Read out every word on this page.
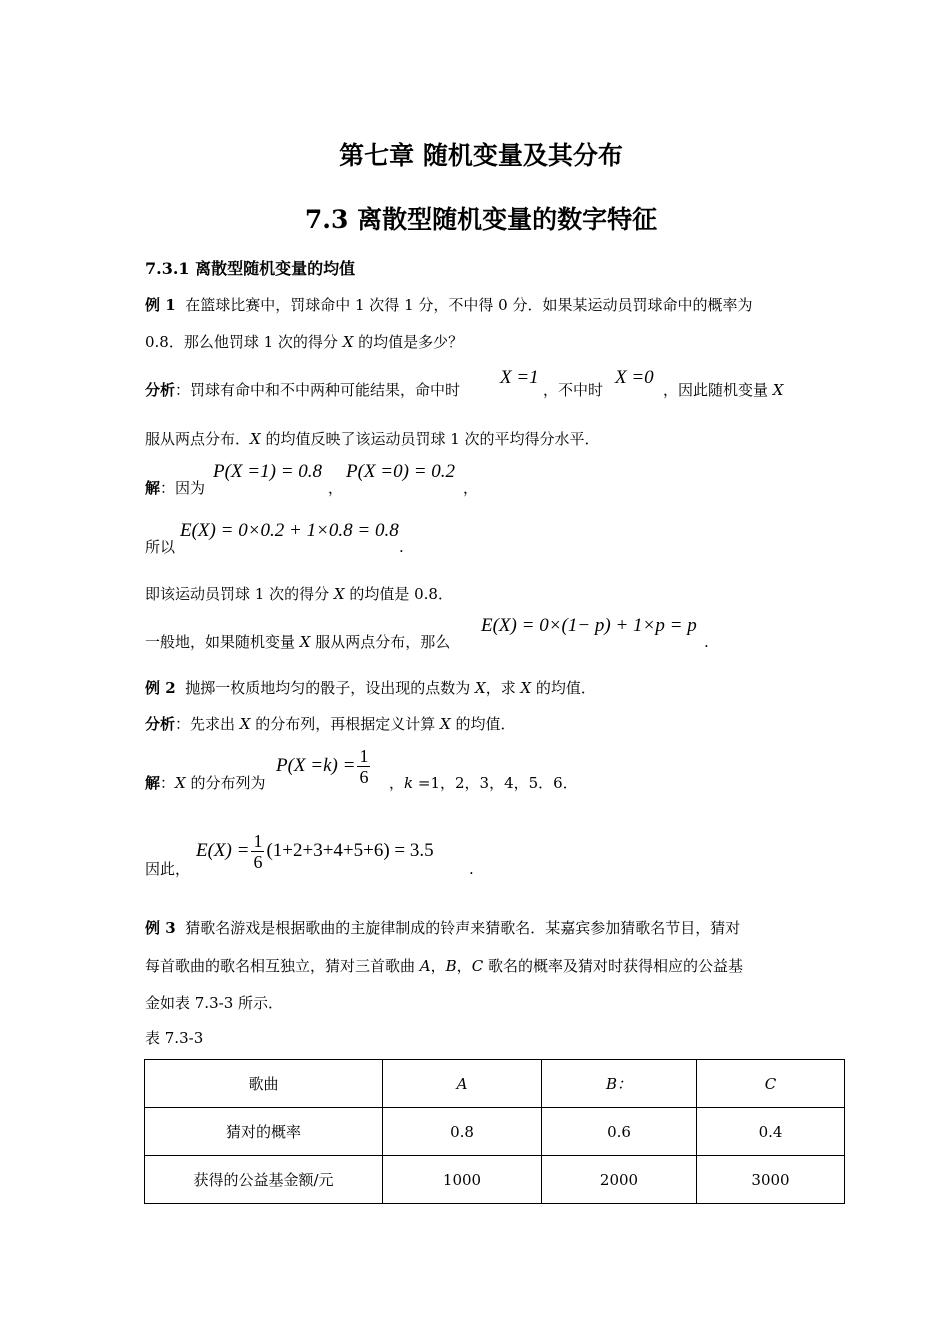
第七章 随机变量及其分布
7.3 离散型随机变量的数字特征
7.3.1 离散型随机变量的均值
例 1 在篮球比赛中，罚球命中 1 次得 1 分，不中得 0 分．如果某运动员罚球命中的概率为
0.8．那么他罚球 1 次的得分 X 的均值是多少？
分析：罚球有命中和不中两种可能结果，命中时
X =1
，不中时
X =0
，因此随机变量 X
服从两点分布．X 的均值反映了该运动员罚球 1 次的平均得分水平．
解：因为
P(X =1) = 0.8
，
P(X =0) = 0.2
，
所以
E(X) = 0×0.2 + 1×0.8 = 0.8
.
即该运动员罚球 1 次的得分 X 的均值是 0.8．
一般地，如果随机变量 X 服从两点分布，那么
E(X) = 0×(1− p) + 1×p = p
.
例 2 抛掷一枚质地均匀的骰子，设出现的点数为 X，求 X 的均值．
分析：先求出 X 的分布列，再根据定义计算 X 的均值．
解：X 的分布列为
$P(X =k) = \frac{1}{6}$ ，k =1，2，3，4，5．6．
因此，
$E(X) = \frac{1}{6} (1+2+3+4+5+6) = 3.5$
.
例 3 猜歌名游戏是根据歌曲的主旋律制成的铃声来猜歌名．某嘉宾参加猜歌名节目，猜对
每首歌曲的歌名相互独立，猜对三首歌曲 A，B，C 歌名的概率及猜对时获得相应的公益基
金如表 7.3-3 所示．
表 7.3-3
歌曲	A	B：	C
猜对的概率	0.8	0.6	0.4
获得的公益基金额/元	1000	2000	3000
